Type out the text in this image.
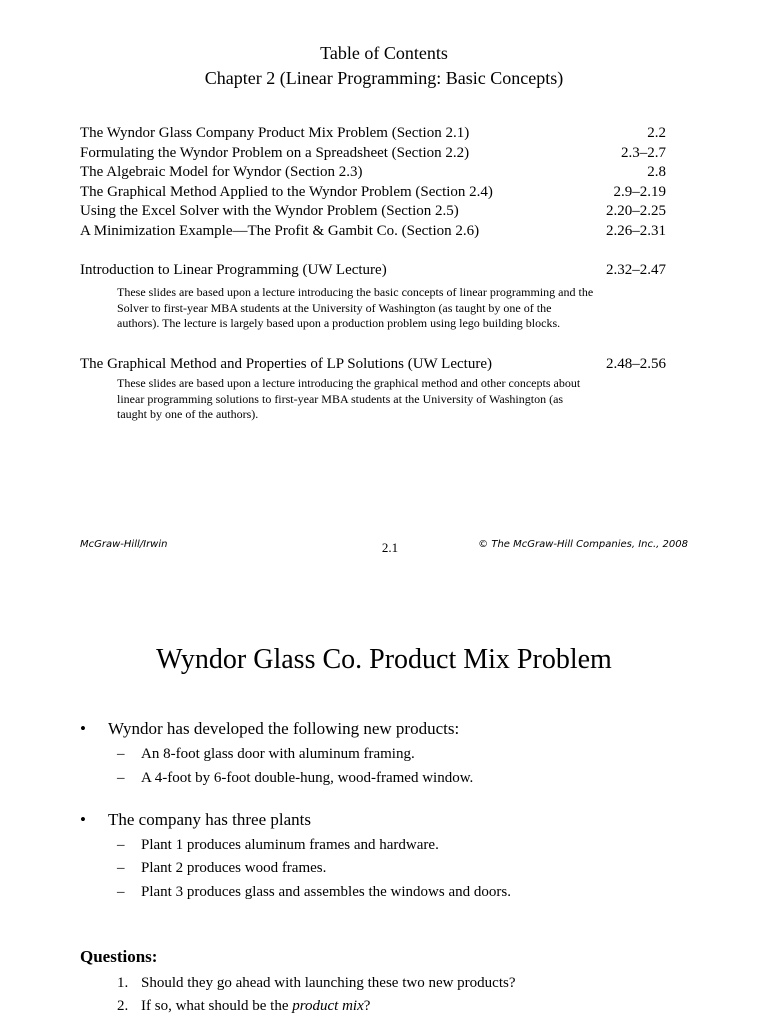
Table of Contents
Chapter 2 (Linear Programming: Basic Concepts)
The Wyndor Glass Company Product Mix Problem (Section 2.1)	2.2
Formulating the Wyndor Problem on a Spreadsheet (Section 2.2)	2.3–2.7
The Algebraic Model for Wyndor (Section 2.3)	2.8
The Graphical Method Applied to the Wyndor Problem (Section 2.4)	2.9–2.19
Using the Excel Solver with the Wyndor Problem (Section 2.5)	2.20–2.25
A Minimization Example—The Profit & Gambit Co. (Section 2.6)	2.26–2.31
Introduction to Linear Programming (UW Lecture)	2.32–2.47
These slides are based upon a lecture introducing the basic concepts of linear programming and the
Solver to first-year MBA students at the University of Washington (as taught by one of the
authors). The lecture is largely based upon a production problem using lego building blocks.
The Graphical Method and Properties of LP Solutions (UW Lecture)	2.48–2.56
These slides are based upon a lecture introducing the graphical method and other concepts about
linear programming solutions to first-year MBA students at the University of Washington (as
taught by one of the authors).
McGraw-Hill/Irwin	2.1	© The McGraw-Hill Companies, Inc., 2008
Wyndor Glass Co. Product Mix Problem
• Wyndor has developed the following new products:
– An 8-foot glass door with aluminum framing.
– A 4-foot by 6-foot double-hung, wood-framed window.
• The company has three plants
– Plant 1 produces aluminum frames and hardware.
– Plant 2 produces wood frames.
– Plant 3 produces glass and assembles the windows and doors.
Questions:
1. Should they go ahead with launching these two new products?
2. If so, what should be the product mix?
